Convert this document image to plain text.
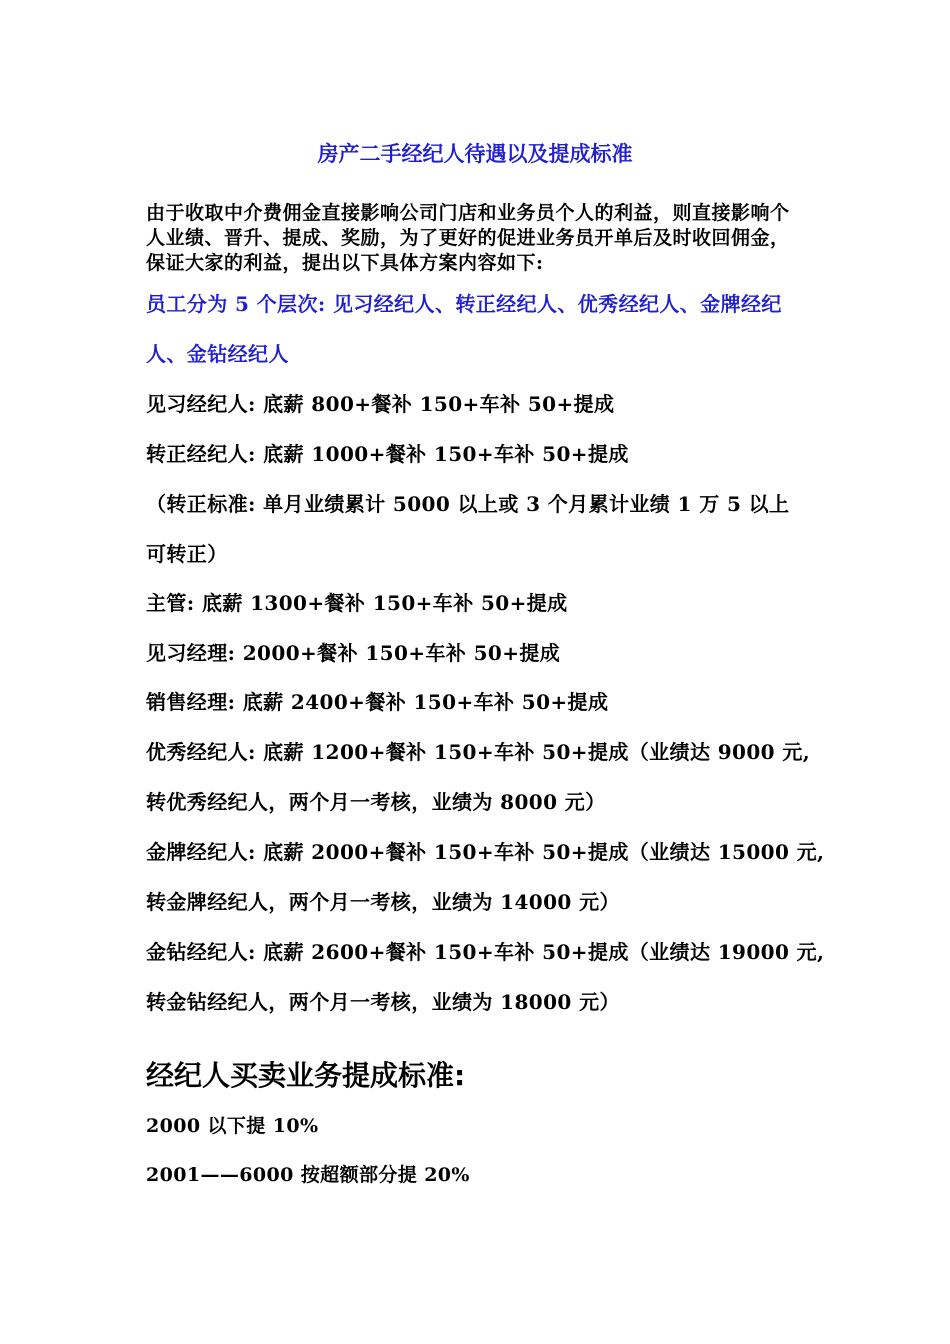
房产二手经纪人待遇以及提成标准

由于收取中介费佣金直接影响公司门店和业务员个人的利益，则直接影响个

人业绩、晋升、提成、奖励，为了更好的促进业务员开单后及时收回佣金，

保证大家的利益，提出以下具体方案内容如下:

员工分为 5 个层次: 见习经纪人、转正经纪人、优秀经纪人、金牌经纪
人、金钻经纪人
见习经纪人: 底薪 800+餐补 150+车补 50+提成
转正经纪人: 底薪 1000+餐补 150+车补 50+提成
（转正标准: 单月业绩累计 5000 以上或 3 个月累计业绩 1 万 5 以上
可转正）
主管: 底薪 1300+餐补 150+车补 50+提成
见习经理: 2000+餐补 150+车补 50+提成
销售经理: 底薪 2400+餐补 150+车补 50+提成
优秀经纪人: 底薪 1200+餐补 150+车补 50+提成（业绩达 9000 元,
转优秀经纪人，两个月一考核，业绩为 8000 元）
金牌经纪人: 底薪 2000+餐补 150+车补 50+提成（业绩达 15000 元,
转金牌经纪人，两个月一考核，业绩为 14000 元）
金钻经纪人: 底薪 2600+餐补 150+车补 50+提成（业绩达 19000 元,
转金钻经纪人，两个月一考核，业绩为 18000 元）
经纪人买卖业务提成标准:
2000 以下提 10%
2001——6000 按超额部分提 20%
